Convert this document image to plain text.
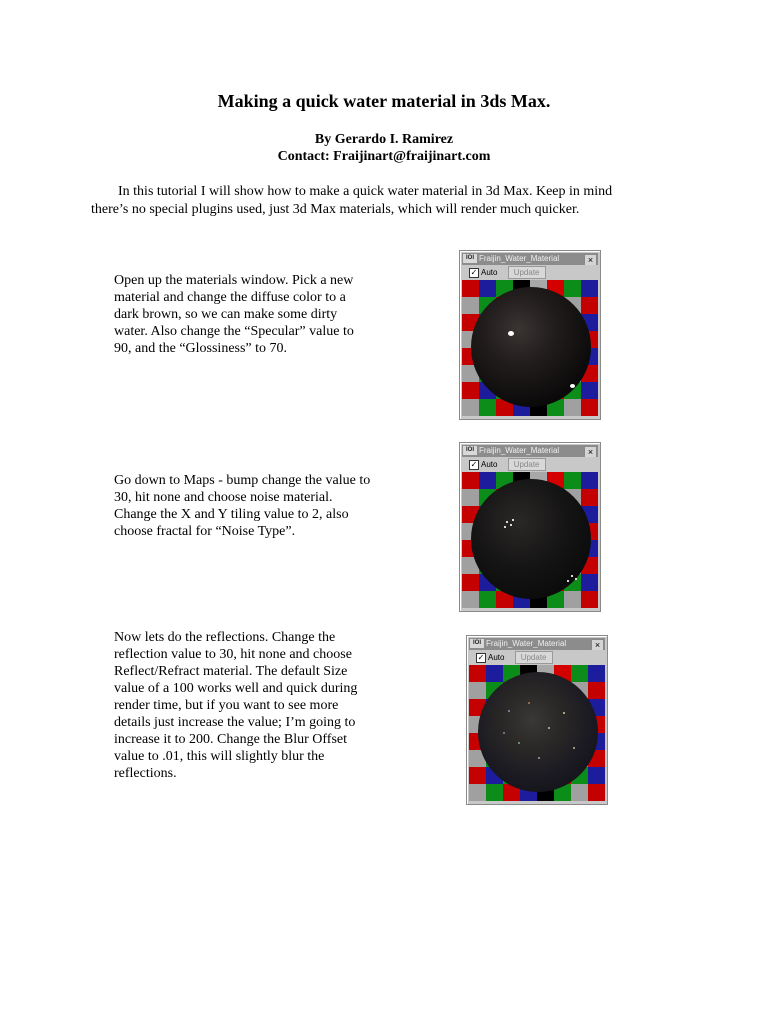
Making a quick water material in 3ds Max.
By Gerardo I. Ramirez
Contact: Fraijinart@fraijinart.com
In this tutorial I will show how to make a quick water material in 3d Max. Keep in mind there’s no special plugins used, just 3d Max materials, which will render much quicker.
Open up the materials window. Pick a new material and change the diffuse color to a dark brown, so we can make some dirty water. Also change the “Specular” value to 90, and the “Glossiness” to 70.
Go down to Maps - bump change the value to 30, hit none and choose noise material. Change the X and Y tiling value to 2, also choose fractal for “Noise Type”.
Now lets do the reflections. Change the reflection value to 30, hit none and choose Reflect/Refract material. The default Size value of a 100 works well and quick during render time, but if you want to see more details just increase the value; I’m going to increase it to 200. Change the Blur Offset value to .01, this will slightly blur the reflections.
IOI Fraijin_Water_Material	×
✓ Auto Update
IOI Fraijin_Water_Material	×
✓ Auto Update
IOI Fraijin_Water_Material	×
✓ Auto Update
